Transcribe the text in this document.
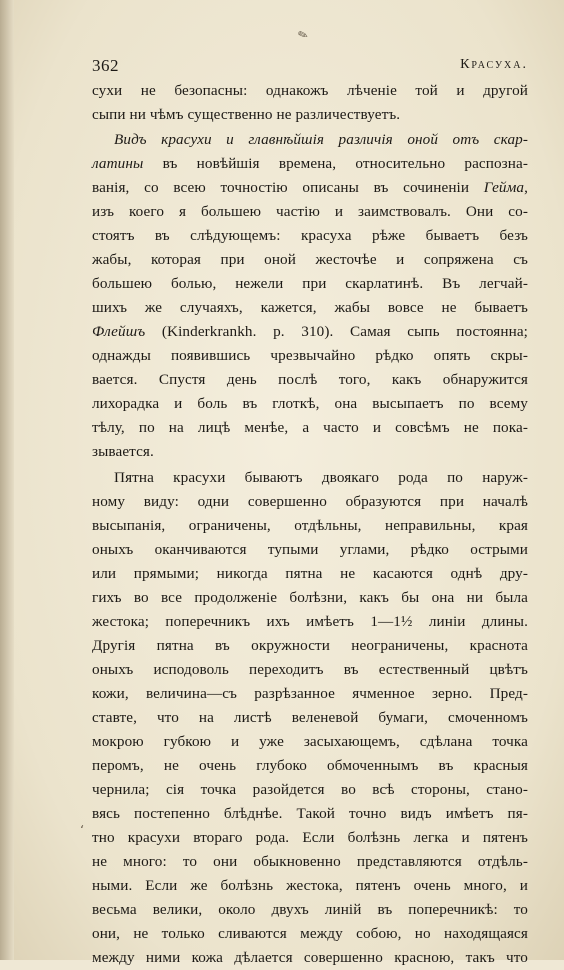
✎
362	Красуха.
сухи не безопасны: однакожъ лѣченіе той и другой
сыпи ни чѣмъ существенно не различествуетъ.
Видъ красухи и главнѣйшія различія оной отъ скар-
латины въ новѣйшія времена, относительно распозна-
ванія, со всею точностію описаны въ сочиненіи Гейма,
изъ коего я большею частію и заимствовалъ. Они со-
стоятъ въ слѣдующемъ: красуха рѣже бываетъ безъ
жабы, которая при оной жесточѣе и сопряжена съ
большею болью, нежели при скарлатинѣ. Въ легчай-
шихъ же случаяхъ, кажется, жабы вовсе не бываетъ
Флейшъ (Kinderkrankh. p. 310). Самая сыпь постоянна;
однажды появившись чрезвычайно рѣдко опять скры-
вается. Спустя день послѣ того, какъ обнаружится
лихорадка и боль въ глоткѣ, она высыпаетъ по всему
тѣлу, по на лицѣ менѣе, а часто и совсѣмъ не пока-
зывается.
Пятна красухи бываютъ двоякаго рода по наруж-
ному виду: одни совершенно образуются при началѣ
высыпанія, ограничены, отдѣльны, неправильны, края
оныхъ оканчиваются тупыми углами, рѣдко острыми
или прямыми; никогда пятна не касаются однѣ дру-
гихъ во все продолженіе болѣзни, какъ бы она ни была
жестока; поперечникъ ихъ имѣетъ 1—1½ линіи длины.
Другія пятна въ окружности неограничены, краснота
оныхъ исподоволь переходитъ въ естественный цвѣтъ
кожи, величина—съ разрѣзанное ячменное зерно. Пред-
ставте, что на листѣ веленевой бумаги, смоченномъ
мокрою губкою и уже засыхающемъ, сдѣлана точка
перомъ, не очень глубоко обмоченнымъ въ красныя
чернила; сія точка разойдется во всѣ стороны, стано-
вясь постепенно блѣднѣе. Такой точно видъ имѣетъ пя-
тно красухи втораго рода. Если болѣзнь легка и пятенъ
не много: то они обыкновенно представляются отдѣль-
ными. Если же болѣзнь жестока, пятенъ очень много, и
весьма велики, около двухъ линій въ поперечникѣ: то
они, не только сливаются между собою, но находящаяся
между ними кожа дѣлается совершенно красною, такъ что
‘
